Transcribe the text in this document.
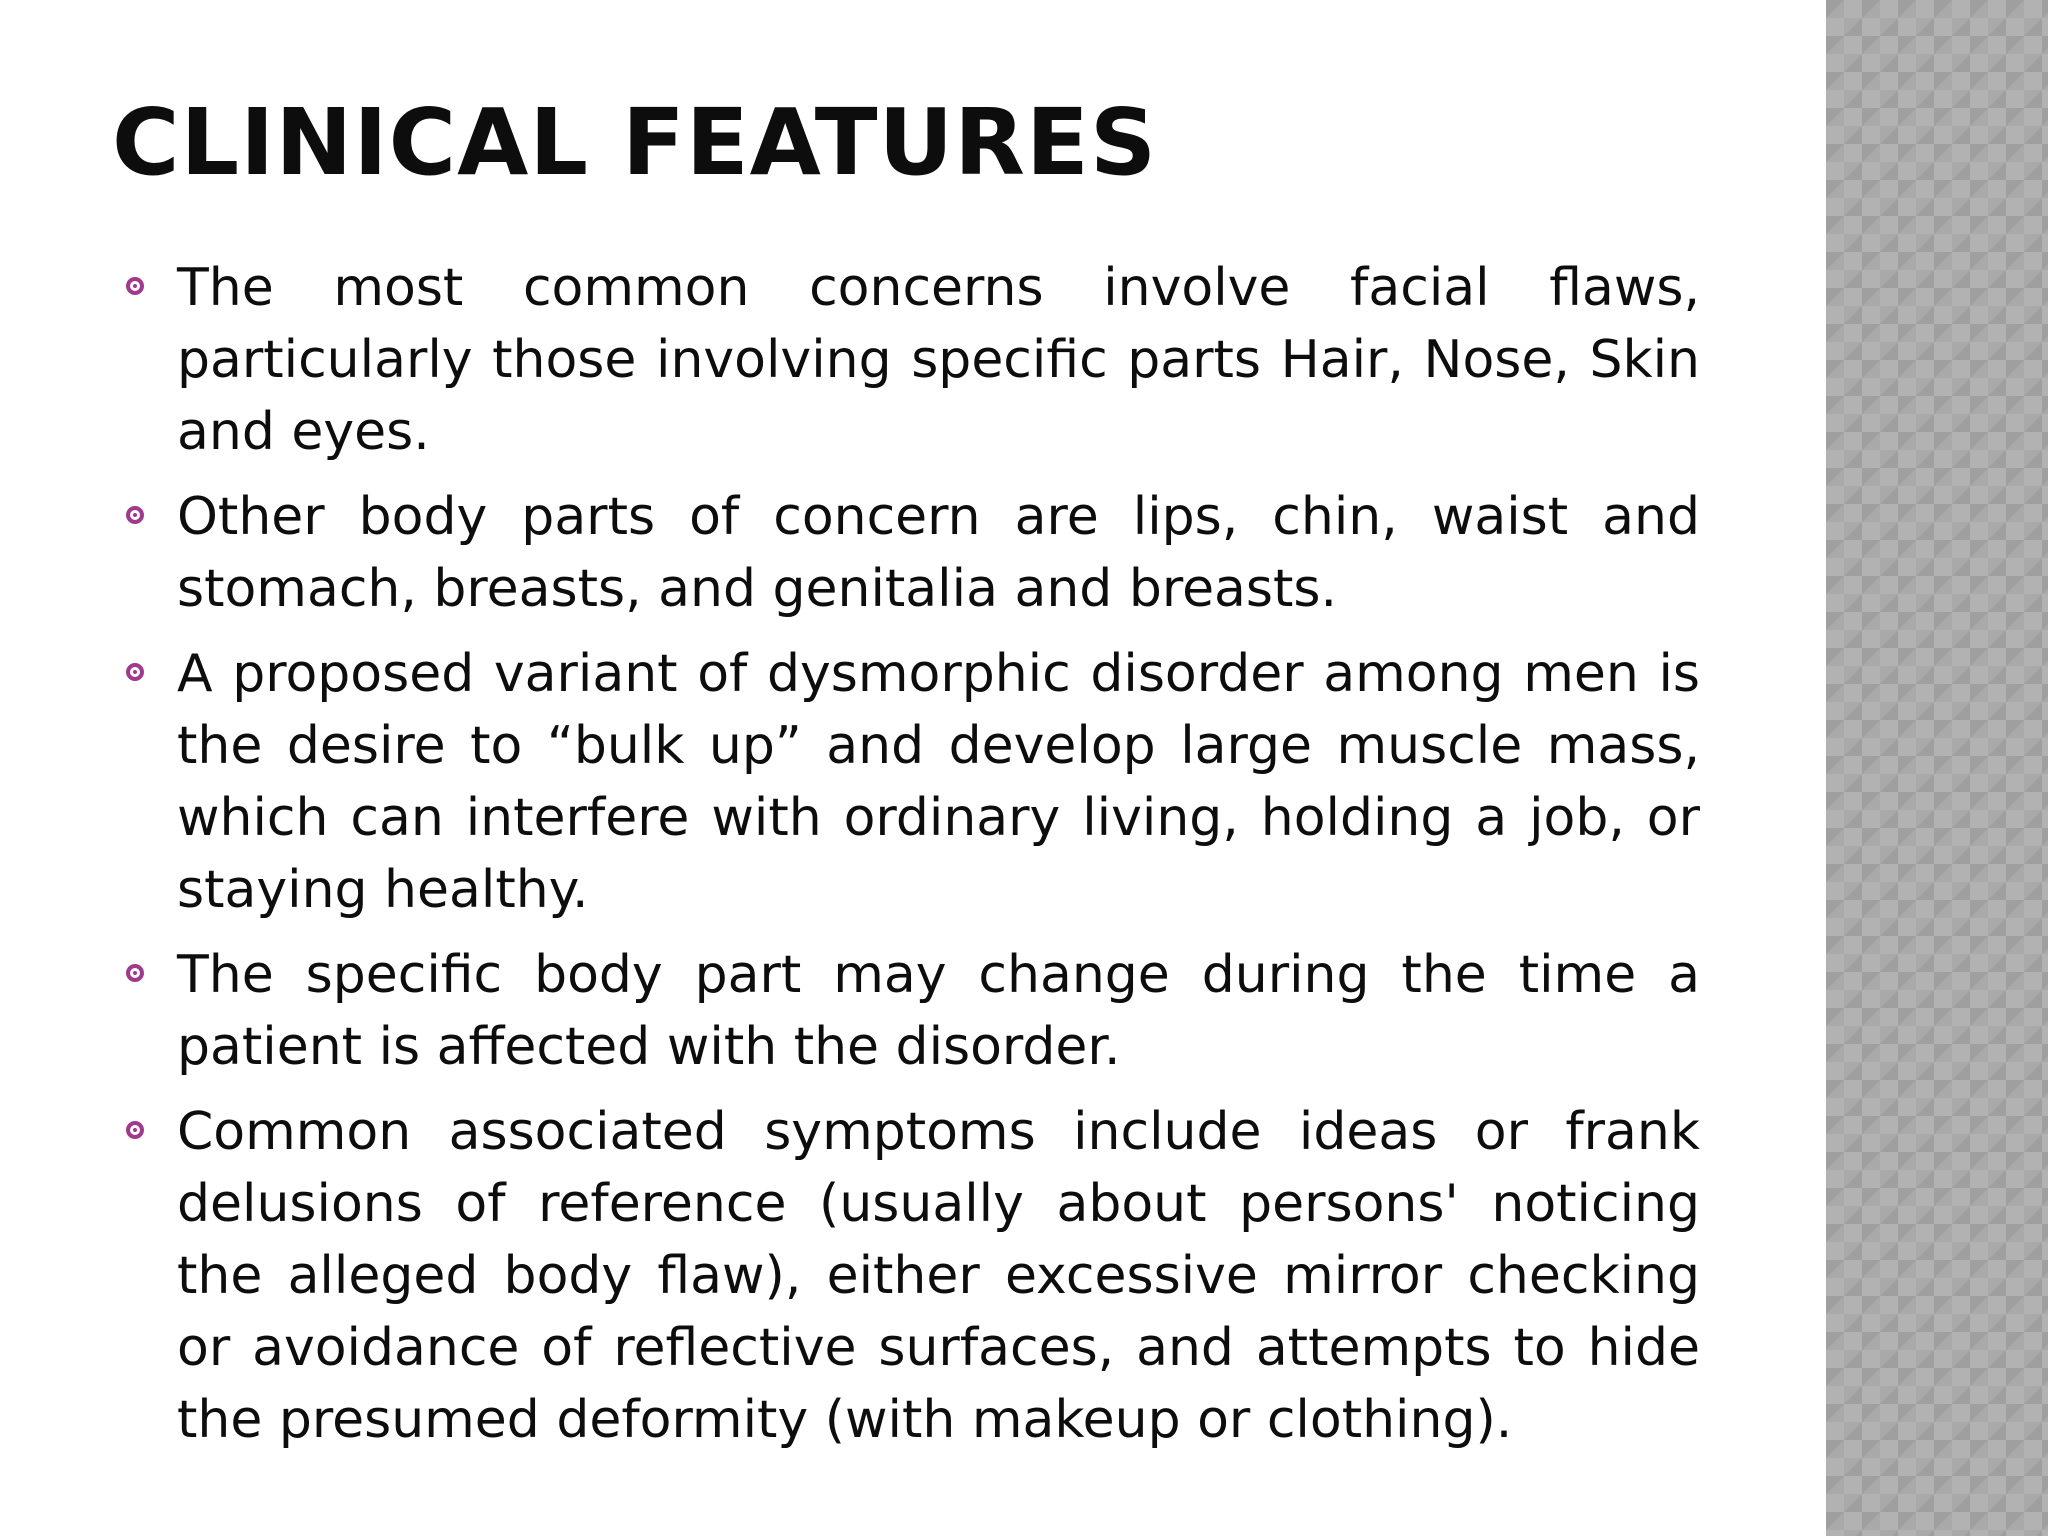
CLINICAL FEATURES
The most common concerns involve facial flaws, particularly those involving specific parts Hair, Nose, Skin and eyes.
Other body parts of concern are lips, chin, waist and stomach, breasts, and genitalia and breasts.
A proposed variant of dysmorphic disorder among men is the desire to “bulk up” and develop large muscle mass, which can interfere with ordinary living, holding a job, or staying healthy.
The specific body part may change during the time a patient is affected with the disorder.
Common associated symptoms include ideas or frank delusions of reference (usually about persons' noticing the alleged body flaw), either excessive mirror checking or avoidance of reflective surfaces, and attempts to hide the presumed deformity (with makeup or clothing).
